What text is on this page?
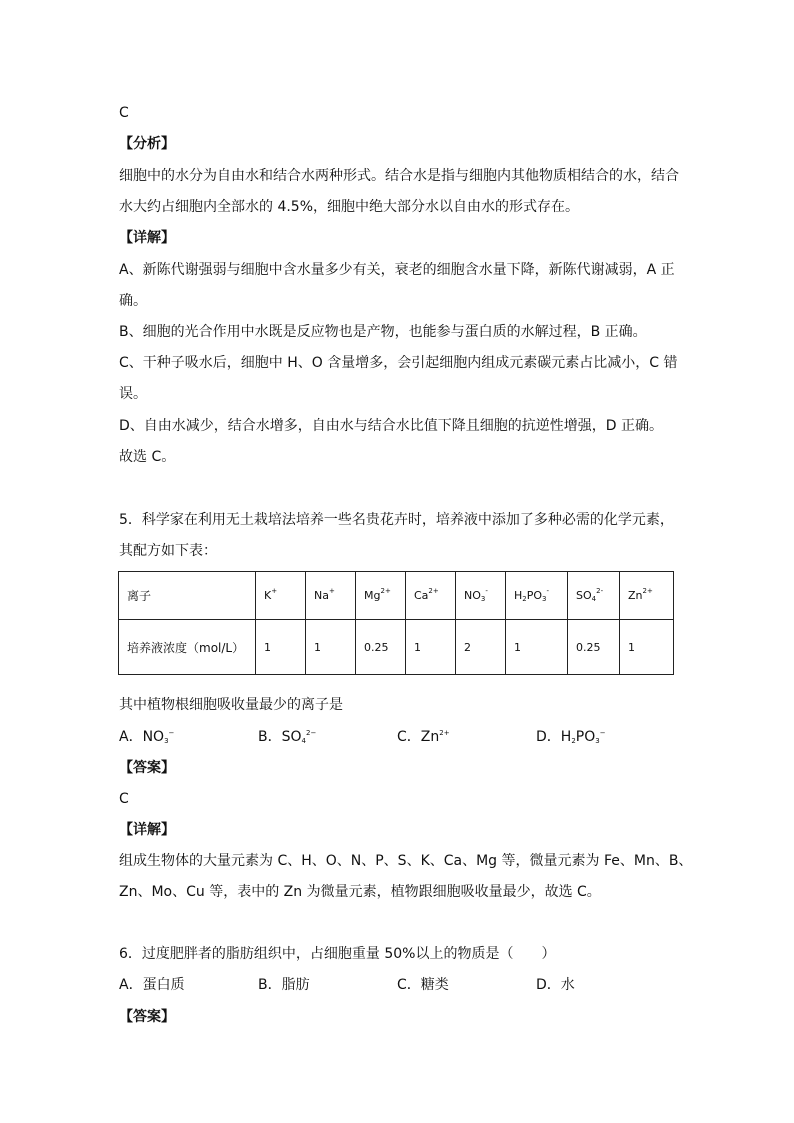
C
【分析】
细胞中的水分为自由水和结合水两种形式。结合水是指与细胞内其他物质相结合的水，结合
水大约占细胞内全部水的 4.5%，细胞中绝大部分水以自由水的形式存在。
【详解】
A、新陈代谢强弱与细胞中含水量多少有关，衰老的细胞含水量下降，新陈代谢减弱，A 正
确。
B、细胞的光合作用中水既是反应物也是产物，也能参与蛋白质的水解过程，B 正确。
C、干种子吸水后，细胞中 H、O 含量增多，会引起细胞内组成元素碳元素占比减小，C 错
误。
D、自由水减少，结合水增多，自由水与结合水比值下降且细胞的抗逆性增强，D 正确。
故选 C。
5．科学家在利用无土栽培法培养一些名贵花卉时，培养液中添加了多种必需的化学元素，
其配方如下表：
离子	K+	Na+	$Mg^{2+}$	$Ca^{2+}$	$NO_3^-$	$H_2PO_3^-$	$SO_4^{2-}$	$Zn^{2+}$
培养液浓度（mol/L）	1	1	0.25	1	2	1	0.25	1
其中植物根细胞吸收量最少的离子是
A．$NO_3^-$	B．$SO_4^{2-}$	C．$Zn^{2+}$	D．$H_2PO_3^-$
【答案】
C
【详解】
组成生物体的大量元素为 C、H、O、N、P、S、K、Ca、Mg 等，微量元素为 Fe、Mn、B、
Zn、Mo、Cu 等，表中的 Zn 为微量元素，植物跟细胞吸收量最少，故选 C。
6．过度肥胖者的脂肪组织中，占细胞重量 50%以上的物质是（　　）
A．蛋白质	B．脂肪	C．糖类	D．水
【答案】
